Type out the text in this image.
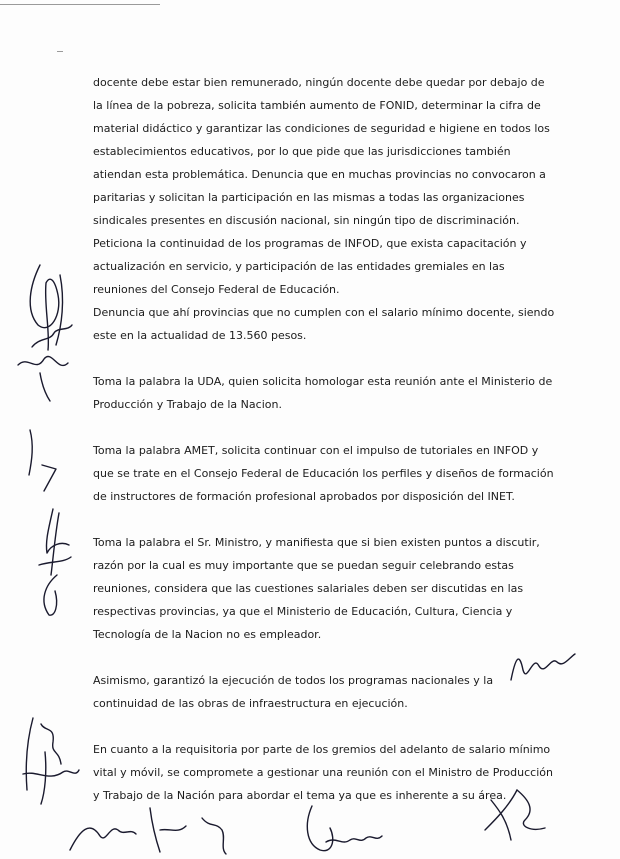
docente debe estar bien remunerado, ningún docente debe quedar por debajo de la línea de la pobreza, solicita también aumento de FONID, determinar la cifra de material didáctico y garantizar las condiciones de seguridad e higiene en todos los establecimientos educativos, por lo que pide que las jurisdicciones también atiendan esta problemática. Denuncia que en muchas provincias no convocaron a paritarias y solicitan la participación en las mismas a todas las organizaciones sindicales presentes en discusión nacional, sin ningún tipo de discriminación.

Peticiona la continuidad de los programas de INFOD, que exista capacitación y actualización en servicio, y participación de las entidades gremiales en las reuniones del Consejo Federal de Educación.

Denuncia que ahí provincias que no cumplen con el salario mínimo docente, siendo este en la actualidad de 13.560 pesos.

Toma la palabra la UDA, quien solicita homologar esta reunión ante el Ministerio de Producción y Trabajo de la Nacion.

Toma la palabra AMET, solicita continuar con el impulso de tutoriales en INFOD y que se trate en el Consejo Federal de Educación los perfiles y diseños de formación de instructores de formación profesional aprobados por disposición del INET.

Toma la palabra el Sr. Ministro, y manifiesta que si bien existen puntos a discutir, razón por la cual es muy importante que se puedan seguir celebrando estas reuniones, considera que las cuestiones salariales deben ser discutidas en las respectivas provincias, ya que el Ministerio de Educación, Cultura, Ciencia y Tecnología de la Nacion no es empleador.

Asimismo, garantizó la ejecución de todos los programas nacionales y la continuidad de las obras de infraestructura en ejecución.

En cuanto a la requisitoria por parte de los gremios del adelanto de salario mínimo vital y móvil, se compromete a gestionar una reunión con el Ministro de Producción y Trabajo de la Nación para abordar el tema ya que es inherente a su área.
